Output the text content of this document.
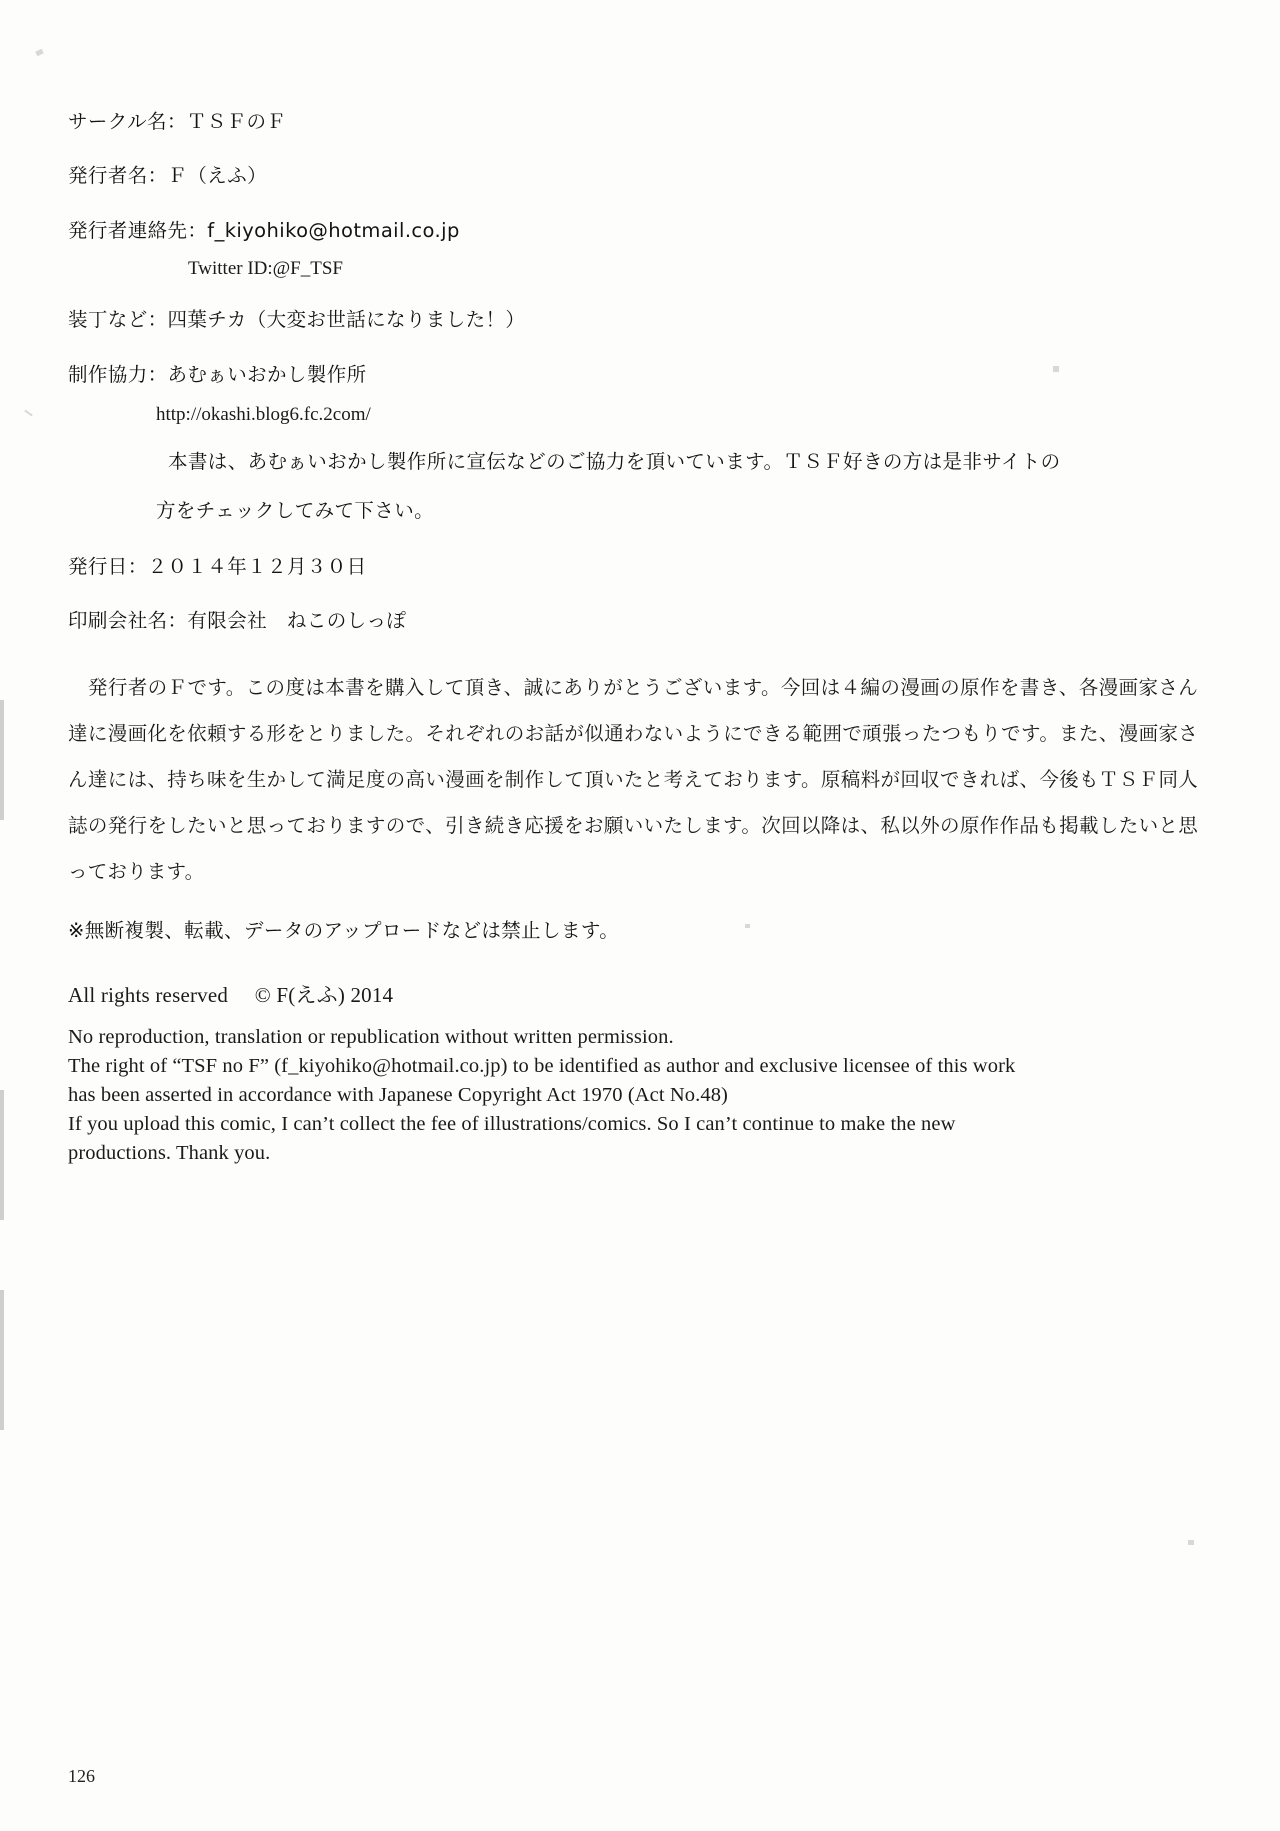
サークル名：ＴＳＦのＦ

発行者名：Ｆ（えふ）

発行者連絡先：f_kiyohiko@hotmail.co.jp

Twitter ID:@F_TSF

装丁など：四葉チカ（大変お世話になりました！）

制作協力：あむぁいおかし製作所

http://okashi.blog6.fc.2com/

本書は、あむぁいおかし製作所に宣伝などのご協力を頂いています。ＴＳＦ好きの方は是非サイトの

方をチェックしてみて下さい。

発行日：２０１４年１２月３０日

印刷会社名：有限会社　ねこのしっぽ

　発行者のＦです。この度は本書を購入して頂き、誠にありがとうございます。今回は４編の漫画の原作を書き、各漫画家さん達に漫画化を依頼する形をとりました。それぞれのお話が似通わないようにできる範囲で頑張ったつもりです。また、漫画家さん達には、持ち味を生かして満足度の高い漫画を制作して頂いたと考えております。原稿料が回収できれば、今後もＴＳＦ同人誌の発行をしたいと思っておりますので、引き続き応援をお願いいたします。次回以降は、私以外の原作作品も掲載したいと思っております。

※無断複製、転載、データのアップロードなどは禁止します。

All rights reserved 　© F(えふ) 2014

No reproduction, translation or republication without written permission.

The right of “TSF no F” (f_kiyohiko@hotmail.co.jp) to be identified as author and exclusive licensee of this work

has been asserted in accordance with Japanese Copyright Act 1970 (Act No.48)

If you upload this comic, I can’t collect the fee of illustrations/comics. So I can’t continue to make the new

productions. Thank you.

126
